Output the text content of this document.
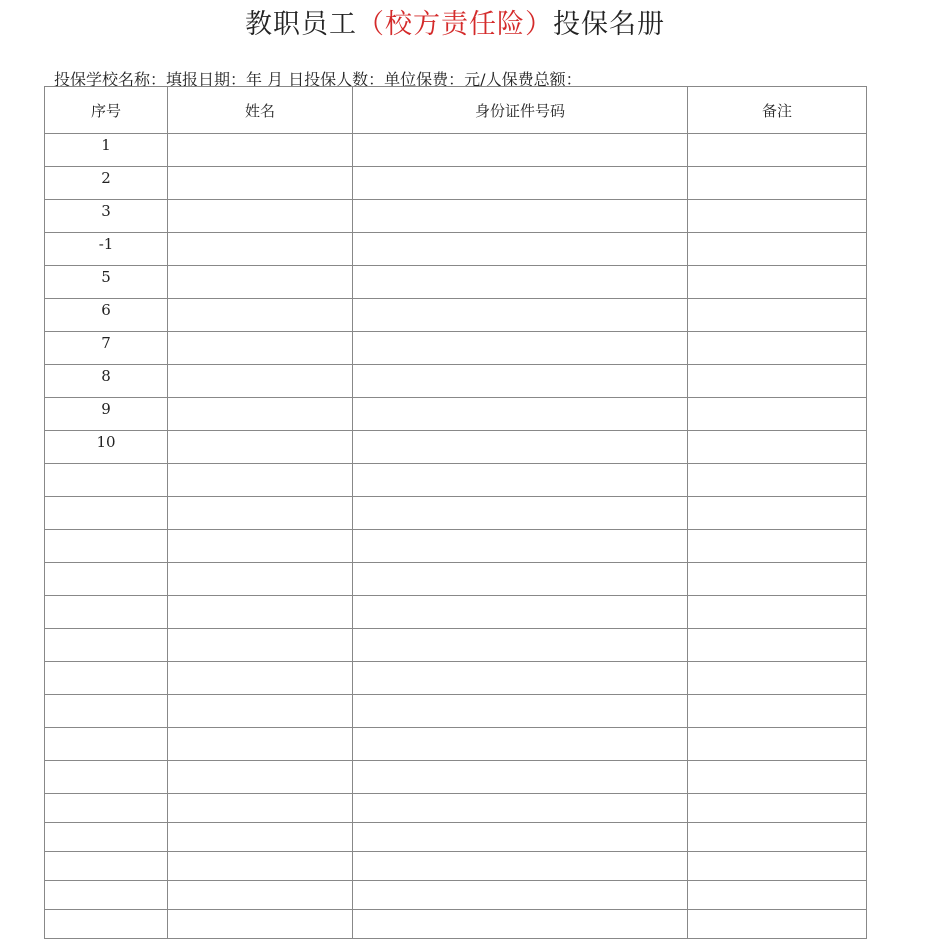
教职员工（校方责任险）投保名册
投保学校名称：填报日期：年 月 日投保人数：单位保费：元/人保费总额：
序号	姓名	身份证件号码	备注
1			
2			
3			
-1			
5			
6			
7			
8			
9			
10			
